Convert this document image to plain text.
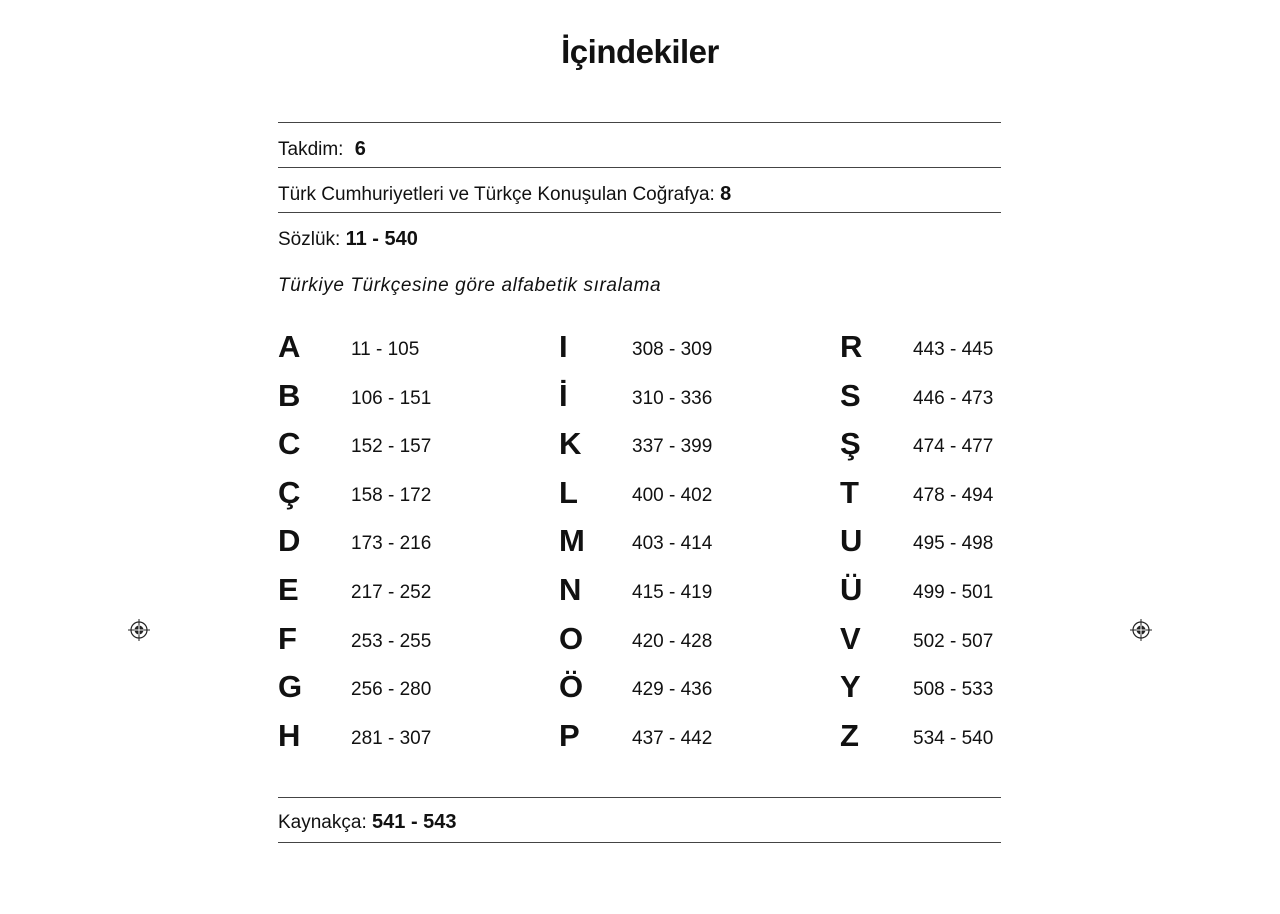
İçindekiler
Takdim: 6
Türk Cumhuriyetleri ve Türkçe Konuşulan Coğrafya: 8
Sözlük: 11 - 540
Türkiye Türkçesine göre alfabetik sıralama
A	11 - 105
B	106 - 151
C	152 - 157
Ç	158 - 172
D	173 - 216
E	217 - 252
F	253 - 255
G	256 - 280
H	281 - 307
I	308 - 309
İ	310 - 336
K	337 - 399
L	400 - 402
M 403 - 414
N	415 - 419
O	420 - 428
Ö	429 - 436
P	437 - 442
R	443 - 445
S	446 - 473
Ş	474 - 477
T	478 - 494
U	495 - 498
Ü	499 - 501
V	502 - 507
Y	508 - 533
Z	534 - 540
Kaynakça: 541 - 543
